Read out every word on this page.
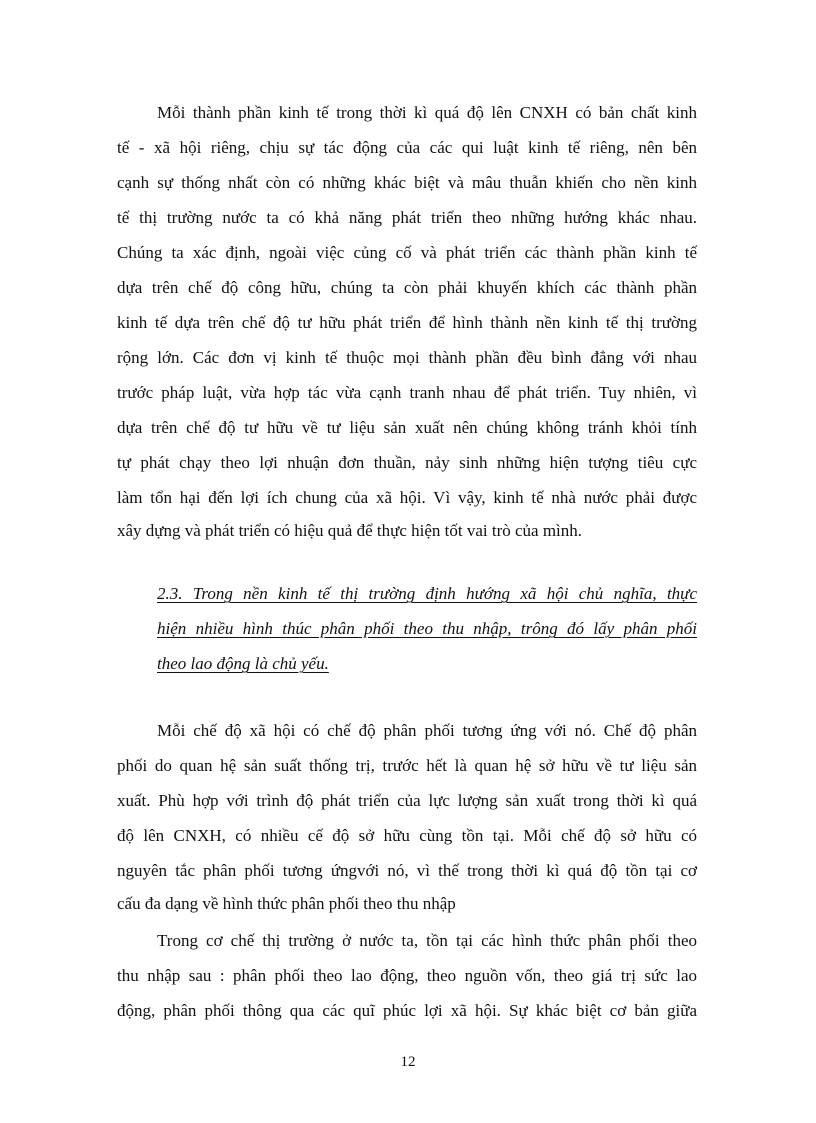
Mỗi thành phần kinh tế trong thời kì quá độ lên CNXH có bản chất kinh

tế - xã hội riêng, chịu sự tác động của các qui luật kinh tế riêng, nên bên

cạnh sự thống nhất còn có những khác biệt và mâu thuẫn khiến cho nền kinh

tế thị trường nước ta có khả năng phát triển theo những hướng khác nhau.

Chúng ta xác định, ngoài việc củng cố và phát triển các thành phần kinh tế

dựa trên chế độ công hữu, chúng ta còn phải khuyến khích các thành phần

kinh tế dựa trên chế độ tư hữu phát triển để hình thành nền kinh tế thị trường

rộng lớn. Các đơn vị kinh tế thuộc mọi thành phần đều bình đẳng với nhau

trước pháp luật, vừa hợp tác vừa cạnh tranh nhau để phát triển. Tuy nhiên, vì

dựa trên chế độ tư hữu về tư liệu sản xuất nên chúng không tránh khỏi tính

tự phát chạy theo lợi nhuận đơn thuần, nảy sinh những hiện tượng tiêu cực

làm tổn hại đến lợi ích chung của xã hội. Vì vậy, kinh tế nhà nước phải được

xây dựng và phát triển có hiệu quả để thực hiện tốt vai trò của mình.

2.3. Trong nền kinh tế thị trường định hướng xã hội chủ nghĩa, thực

hiện nhiều hình thúc phân phối theo thu nhập, trông đó lấy phân phối

theo lao động là chủ yếu.

Mỗi chế độ xã hội có chế độ phân phối tương ứng với nó. Chế độ phân

phối do quan hệ sản suất thống trị, trước hết là quan hệ sở hữu về tư liệu sản

xuất. Phù hợp với trình độ phát triển của lực lượng sản xuất trong thời kì quá

độ lên CNXH, có nhiều cế độ sở hữu cùng tồn tại. Mỗi chế độ sở hữu có

nguyên tắc phân phối tương ứngvới nó, vì thế trong thời kì quá độ tồn tại cơ

cấu đa dạng về hình thức phân phối theo thu nhập

Trong cơ chế thị trường ở nước ta, tồn tại các hình thức phân phối theo

thu nhập sau : phân phối theo lao động, theo nguồn vốn, theo giá trị sức lao

động, phân phối thông qua các quĩ phúc lợi xã hội. Sự khác biệt cơ bản giữa

12
